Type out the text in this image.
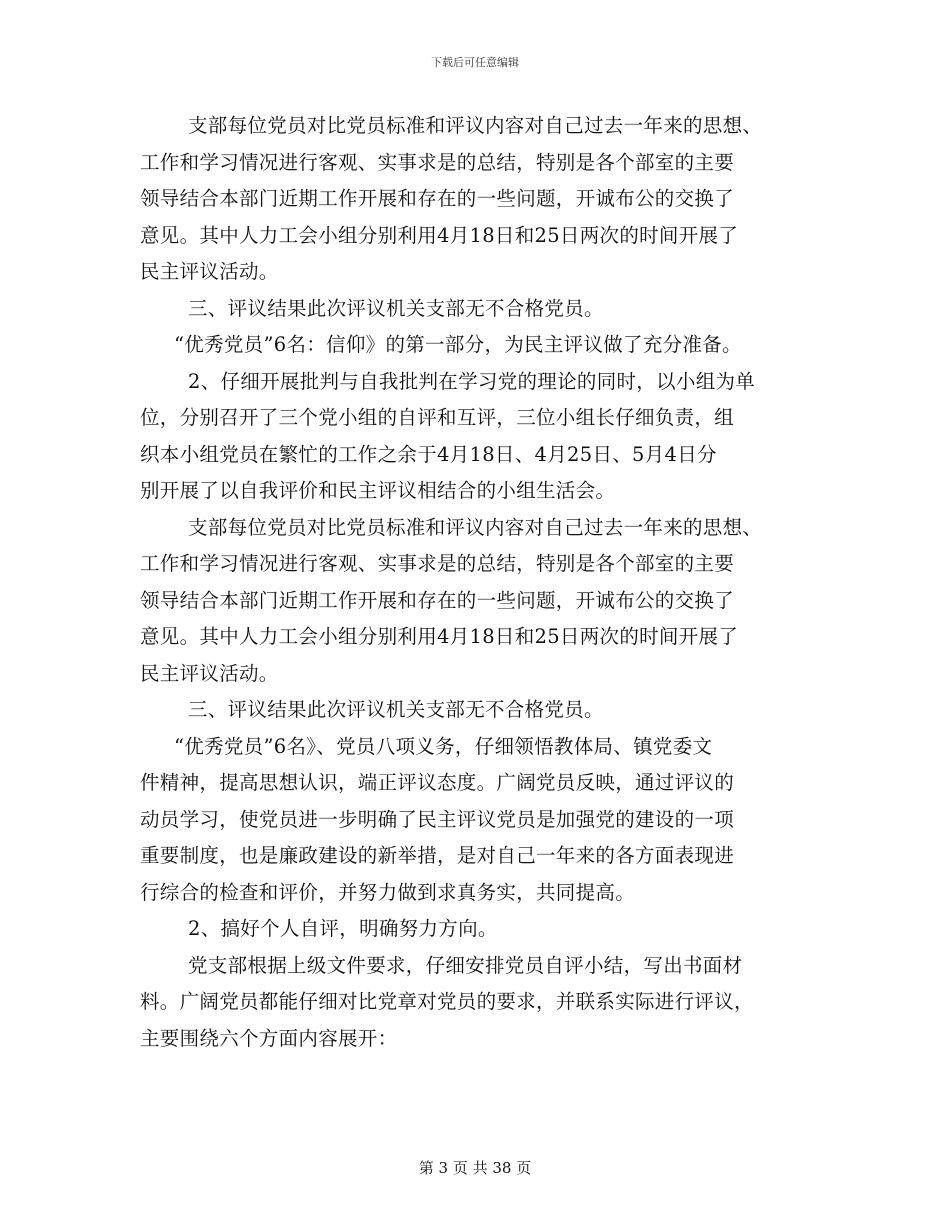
下载后可任意编辑
支部每位党员对比党员标准和评议内容对自己过去一年来的思想、
工作和学习情况进行客观、实事求是的总结，特别是各个部室的主要
领导结合本部门近期工作开展和存在的一些问题，开诚布公的交换了
意见。其中人力工会小组分别利用4月18日和25日两次的时间开展了
民主评议活动。
三、评议结果此次评议机关支部无不合格党员。
“优秀党员”6名：信仰》的第一部分，为民主评议做了充分准备。
2、仔细开展批判与自我批判在学习党的理论的同时，以小组为单
位，分别召开了三个党小组的自评和互评，三位小组长仔细负责，组
织本小组党员在繁忙的工作之余于4月18日、4月25日、5月4日分
别开展了以自我评价和民主评议相结合的小组生活会。
支部每位党员对比党员标准和评议内容对自己过去一年来的思想、
工作和学习情况进行客观、实事求是的总结，特别是各个部室的主要
领导结合本部门近期工作开展和存在的一些问题，开诚布公的交换了
意见。其中人力工会小组分别利用4月18日和25日两次的时间开展了
民主评议活动。
三、评议结果此次评议机关支部无不合格党员。
“优秀党员”6名》、党员八项义务，仔细领悟教体局、镇党委文
件精神，提高思想认识，端正评议态度。广阔党员反映，通过评议的
动员学习，使党员进一步明确了民主评议党员是加强党的建设的一项
重要制度，也是廉政建设的新举措，是对自己一年来的各方面表现进
行综合的检查和评价，并努力做到求真务实，共同提高。
2、搞好个人自评，明确努力方向。
党支部根据上级文件要求，仔细安排党员自评小结，写出书面材
料。广阔党员都能仔细对比党章对党员的要求，并联系实际进行评议，
主要围绕六个方面内容展开：
第 3 页 共 38 页
